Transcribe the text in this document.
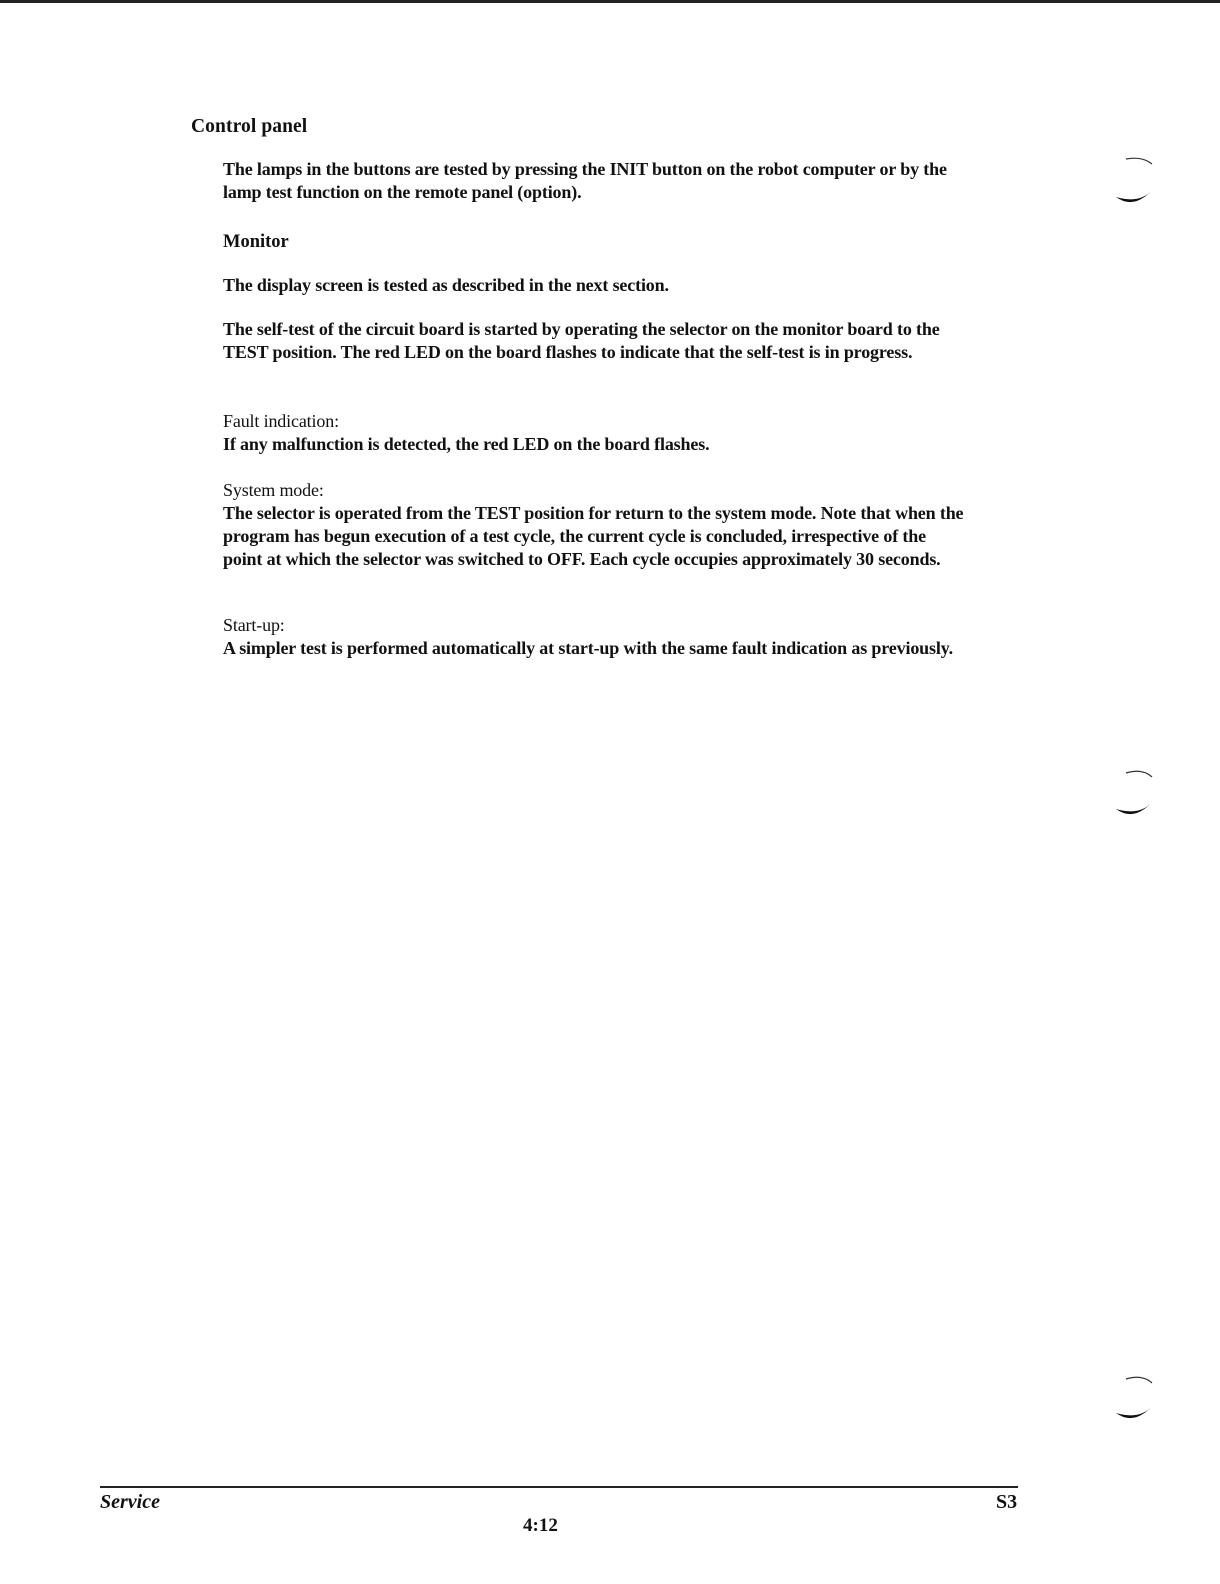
Control panel

The lamps in the buttons are tested by pressing the INIT button on the robot computer or by the lamp test function on the remote panel (option).

Monitor

The display screen is tested as described in the next section.

The self-test of the circuit board is started by operating the selector on the monitor board to the TEST position. The red LED on the board flashes to indicate that the self-test is in progress.

Fault indication:
If any malfunction is detected, the red LED on the board flashes.
System mode:
The selector is operated from the TEST position for return to the system mode. Note that when the program has begun execution of a test cycle, the current cycle is concluded, irrespective of the point at which the selector was switched to OFF. Each cycle occupies approximately 30 seconds.
Start-up:
A simpler test is performed automatically at start-up with the same fault indication as previously.
Service	S3
4:12
